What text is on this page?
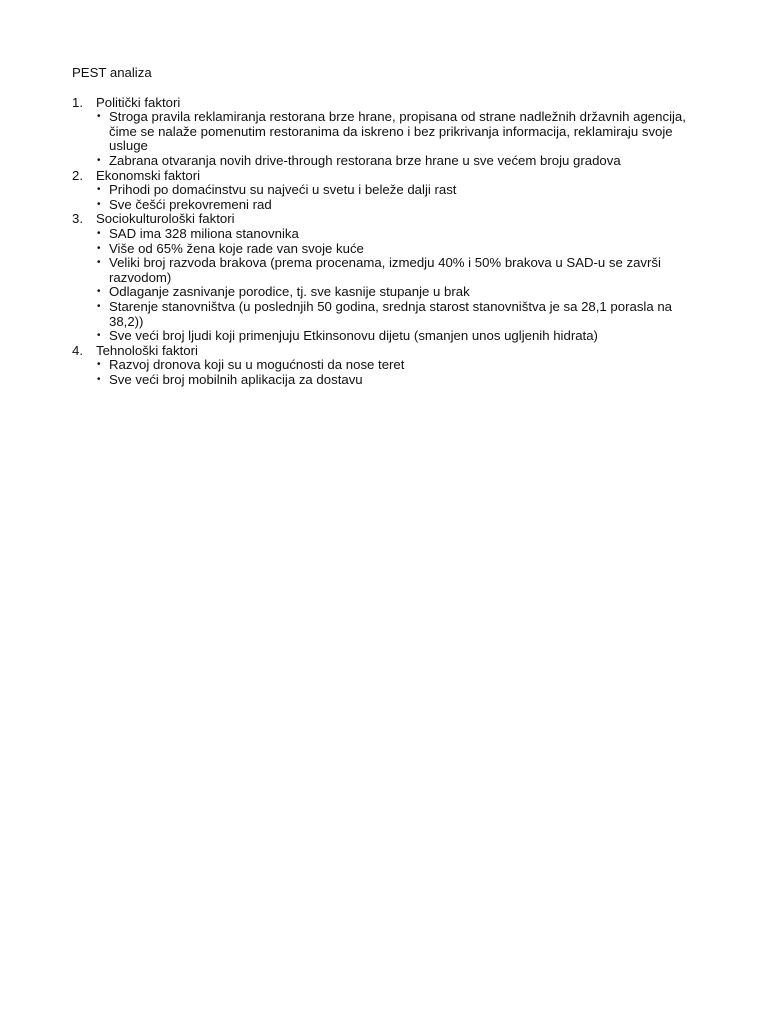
PEST analiza
1. Politički faktori
• Stroga pravila reklamiranja restorana brze hrane, propisana od strane nadležnih državnih agencija, čime se nalaže pomenutim restoranima da iskreno i bez prikrivanja informacija, reklamiraju svoje usluge
• Zabrana otvaranja novih drive-through restorana brze hrane u sve većem broju gradova
2. Ekonomski faktori
• Prihodi po domaćinstvu su najveći u svetu i beleže dalji rast
• Sve češći prekovremeni rad
3. Sociokulturološki faktori
• SAD ima 328 miliona stanovnika
• Više od 65% žena koje rade van svoje kuće
• Veliki broj razvoda brakova (prema procenama, izmedju 40% i 50% brakova u SAD-u se završi razvodom)
• Odlaganje zasnivanje porodice, tj. sve kasnije stupanje u brak
• Starenje stanovništva (u poslednjih 50 godina, srednja starost stanovništva je sa 28,1 porasla na 38,2))
• Sve veći broj ljudi koji primenjuju Etkinsonovu dijetu (smanjen unos ugljenih hidrata)
4. Tehnološki faktori
• Razvoj dronova koji su u mogućnosti da nose teret
• Sve veći broj mobilnih aplikacija za dostavu
